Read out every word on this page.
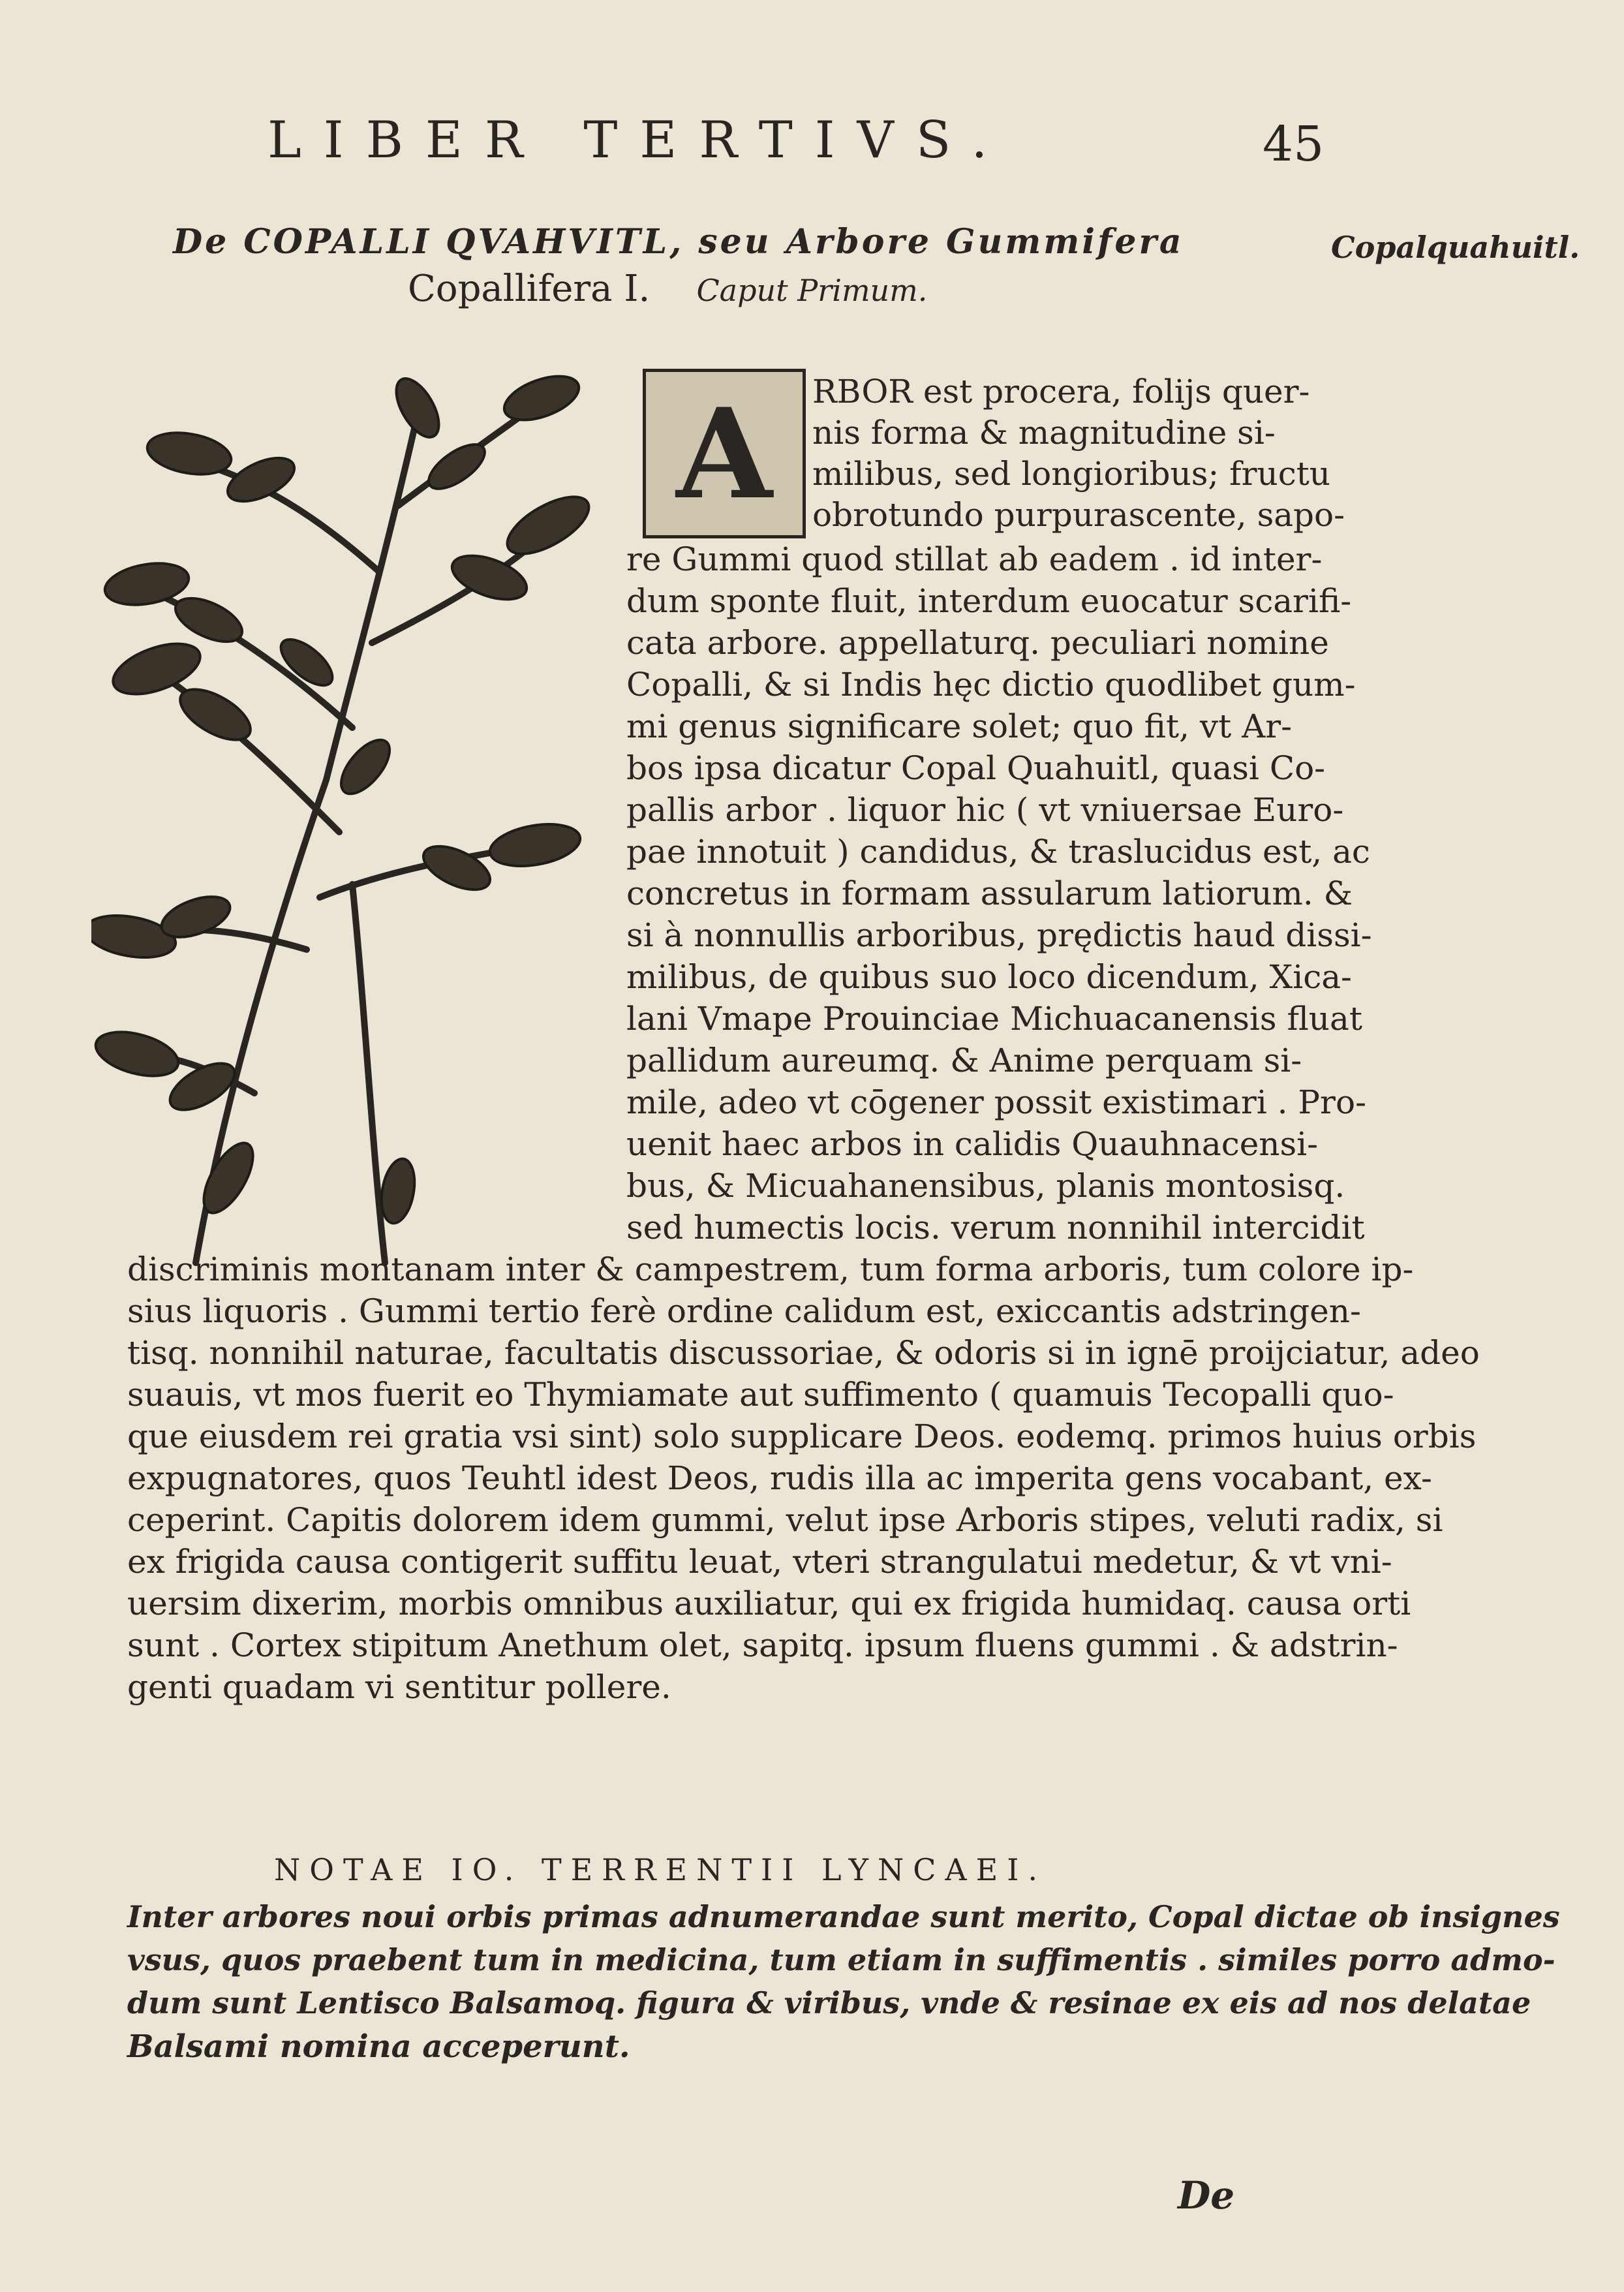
LIBER TERTIVS.	45
De COPALLI QVAHVITL, seu Arbore Gummifera
Copallifera I. Caput Primum.
Copalquahuitl.
A	RBOR est procera, folijs quer-
nis forma & magnitudine si-
milibus, sed longioribus; fructu
obrotundo purpurascente, sapo-
re Gummi quod stillat ab eadem . id inter-
dum sponte fluit, interdum euocatur scarifi-
cata arbore. appellaturq. peculiari nomine
Copalli, & si Indis hęc dictio quodlibet gum-
mi genus significare solet; quo fit, vt Ar-
bos ipsa dicatur Copal Quahuitl, quasi Co-
pallis arbor . liquor hic ( vt vniuersae Euro-
pae innotuit ) candidus, & traslucidus est, ac
concretus in formam assularum latiorum. &
si à nonnullis arboribus, prędictis haud dissi-
milibus, de quibus suo loco dicendum, Xica-
lani Vmape Prouinciae Michuacanensis fluat
pallidum aureumq. & Anime perquam si-
mile, adeo vt cōgener possit existimari . Pro-
uenit haec arbos in calidis Quauhnacensi-
bus, & Micuahanensibus, planis montosisq.
sed humectis locis. verum nonnihil intercidit
discriminis montanam inter & campestrem, tum forma arboris, tum colore ip-
sius liquoris . Gummi tertio ferè ordine calidum est, exiccantis adstringen-
tisq. nonnihil naturae, facultatis discussoriae, & odoris si in ignē proijciatur, adeo
suauis, vt mos fuerit eo Thymiamate aut suffimento ( quamuis Tecopalli quo-
que eiusdem rei gratia vsi sint) solo supplicare Deos. eodemq. primos huius orbis
expugnatores, quos Teuhtl idest Deos, rudis illa ac imperita gens vocabant, ex-
ceperint. Capitis dolorem idem gummi, velut ipse Arboris stipes, veluti radix, si
ex frigida causa contigerit suffitu leuat, vteri strangulatui medetur, & vt vni-
uersim dixerim, morbis omnibus auxiliatur, qui ex frigida humidaq. causa orti
sunt . Cortex stipitum Anethum olet, sapitq. ipsum fluens gummi . & adstrin-
genti quadam vi sentitur pollere.
NOTAE IO. TERRENTII LYNCAEI.
Inter arbores noui orbis primas adnumerandae sunt merito, Copal dictae ob insignes
vsus, quos praebent tum in medicina, tum etiam in suffimentis . similes porro admo-
dum sunt Lentisco Balsamoq. figura & viribus, vnde & resinae ex eis ad nos delatae
Balsami nomina acceperunt.
De
